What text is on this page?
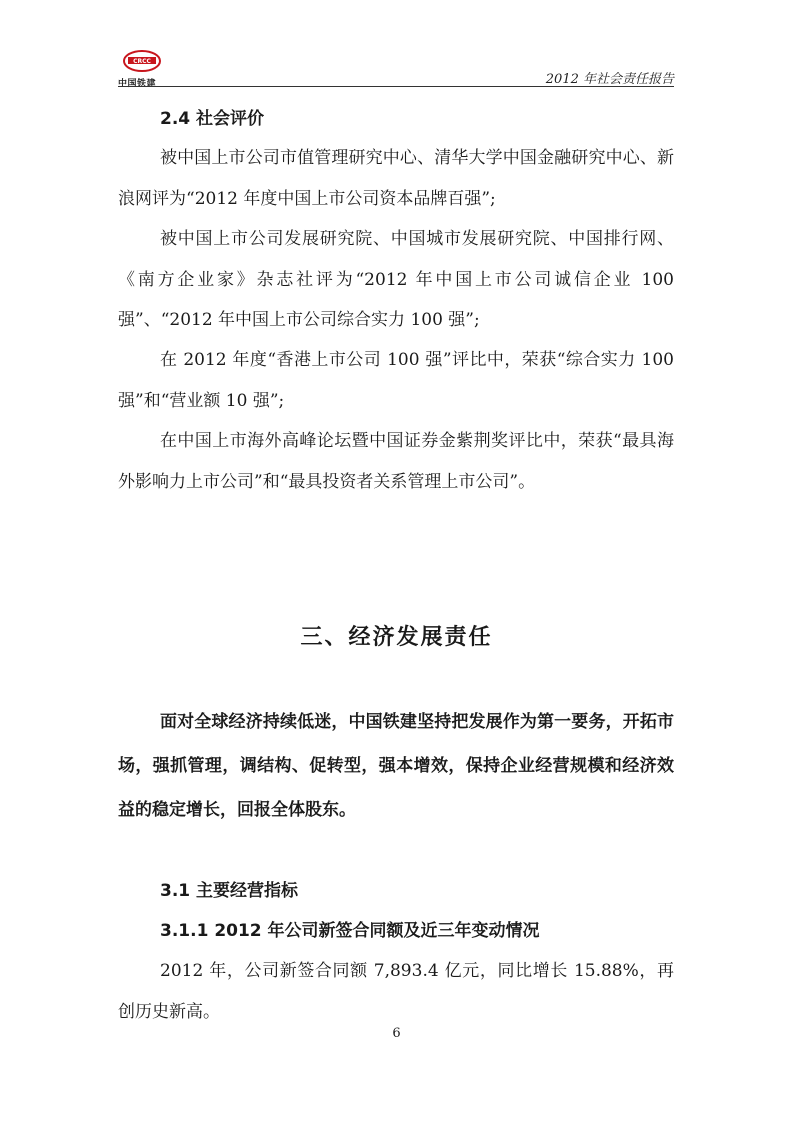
CRCC
中国铁建	2012 年社会责任报告
2.4 社会评价

被中国上市公司市值管理研究中心、清华大学中国金融研究中心、新浪网评为“2012 年度中国上市公司资本品牌百强”;

被中国上市公司发展研究院、中国城市发展研究院、中国排行网、《南方企业家》杂志社评为“2012 年中国上市公司诚信企业 100 强”、“2012 年中国上市公司综合实力 100 强”;

在 2012 年度“香港上市公司 100 强”评比中，荣获“综合实力 100 强”和“营业额 10 强”;

在中国上市海外高峰论坛暨中国证券金紫荆奖评比中，荣获“最具海外影响力上市公司”和“最具投资者关系管理上市公司”。

三、经济发展责任

面对全球经济持续低迷，中国铁建坚持把发展作为第一要务，开拓市场，强抓管理，调结构、促转型，强本增效，保持企业经营规模和经济效益的稳定增长，回报全体股东。

3.1 主要经营指标
3.1.1 2012 年公司新签合同额及近三年变动情况

2012 年，公司新签合同额 7,893.4 亿元，同比增长 15.88%，再创历史新高。

6
